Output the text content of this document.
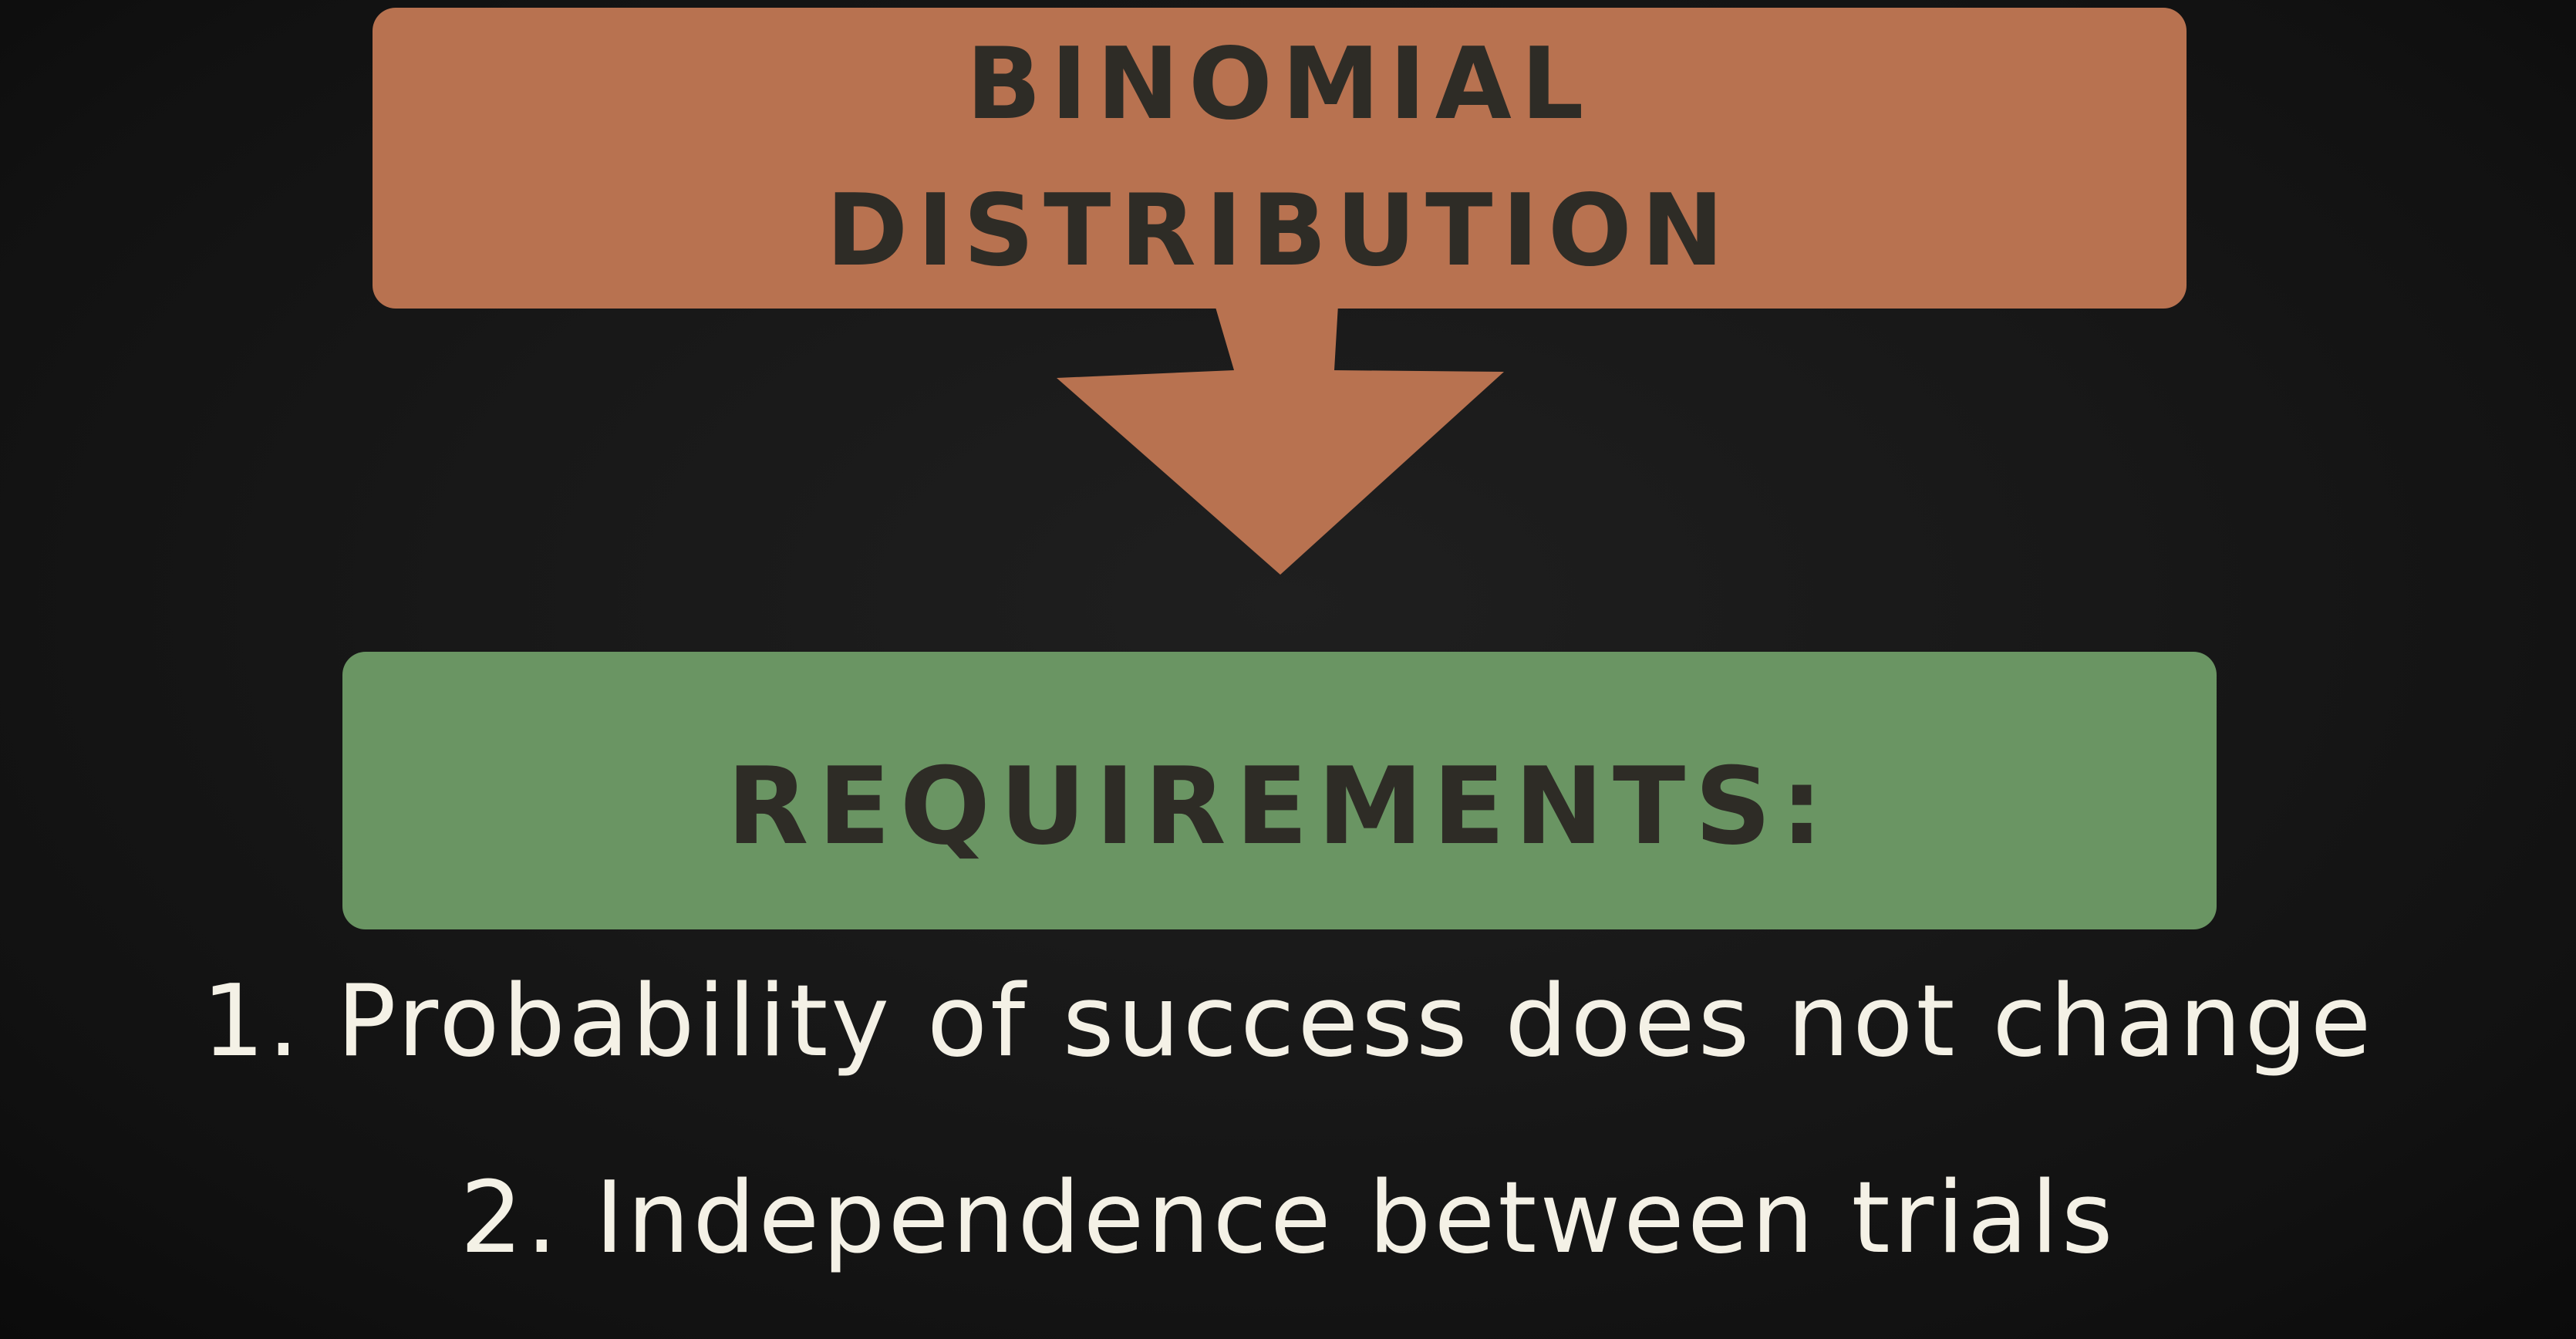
BINOMIAL
DISTRIBUTION
REQUIREMENTS:
1. Probability of success does not change
2. Independence between trials
